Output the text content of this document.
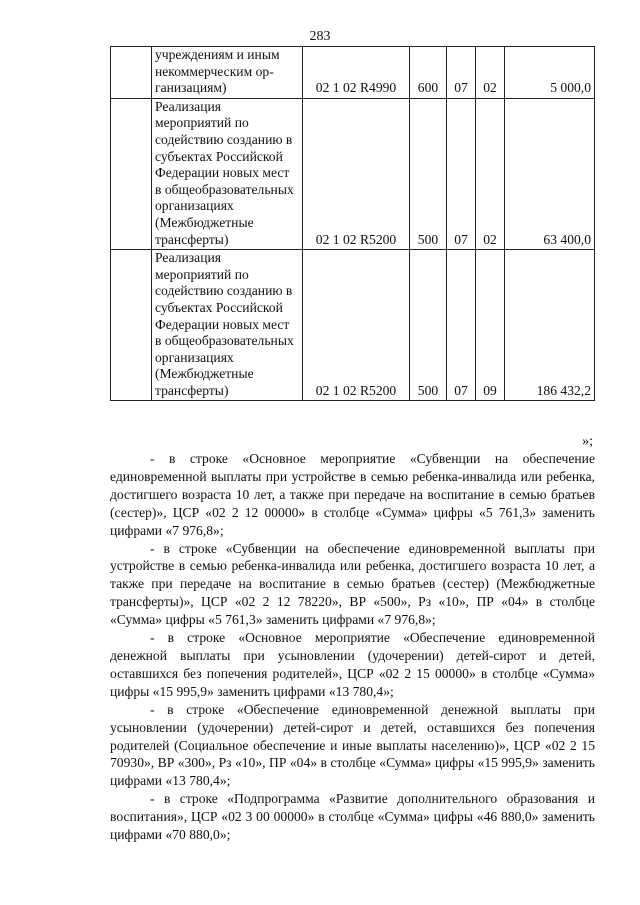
283
	учреждениям и иным некоммерческим организациям)	02 1 02 R4990	600	07	02	5 000,0
	Реализация мероприятий по содействию созданию в субъектах Российской Федерации новых мест в общеобразовательных организациях (Межбюджетные трансферты)	02 1 02 R5200	500	07	02	63 400,0
	Реализация мероприятий по содействию созданию в субъектах Российской Федерации новых мест в общеобразовательных организациях (Межбюджетные трансферты)	02 1 02 R5200	500	07	09	186 432,2
»;

- в строке «Основное мероприятие «Субвенции на обеспечение единовременной выплаты при устройстве в семью ребенка-инвалида или ребенка, достигшего возраста 10 лет, а также при передаче на воспитание в семью братьев (сестер)», ЦСР «02 2 12 00000» в столбце «Сумма» цифры «5 761,3» заменить цифрами «7 976,8»;

- в строке «Субвенции на обеспечение единовременной выплаты при устройстве в семью ребенка-инвалида или ребенка, достигшего возраста 10 лет, а также при передаче на воспитание в семью братьев (сестер) (Межбюджетные трансферты)», ЦСР «02 2 12 78220», ВР «500», Рз «10», ПР «04» в столбце «Сумма» цифры «5 761,3» заменить цифрами «7 976,8»;

- в строке «Основное мероприятие «Обеспечение единовременной денежной выплаты при усыновлении (удочерении) детей-сирот и детей, оставшихся без попечения родителей», ЦСР «02 2 15 00000» в столбце «Сумма» цифры «15 995,9» заменить цифрами «13 780,4»;

- в строке «Обеспечение единовременной денежной выплаты при усыновлении (удочерении) детей-сирот и детей, оставшихся без попечения родителей (Социальное обеспечение и иные выплаты населению)», ЦСР «02 2 15 70930», ВР «300», Рз «10», ПР «04» в столбце «Сумма» цифры «15 995,9» заменить цифрами «13 780,4»;

- в строке «Подпрограмма «Развитие дополнительного образования и воспитания», ЦСР «02 3 00 00000» в столбце «Сумма» цифры «46 880,0» заменить цифрами «70 880,0»;
